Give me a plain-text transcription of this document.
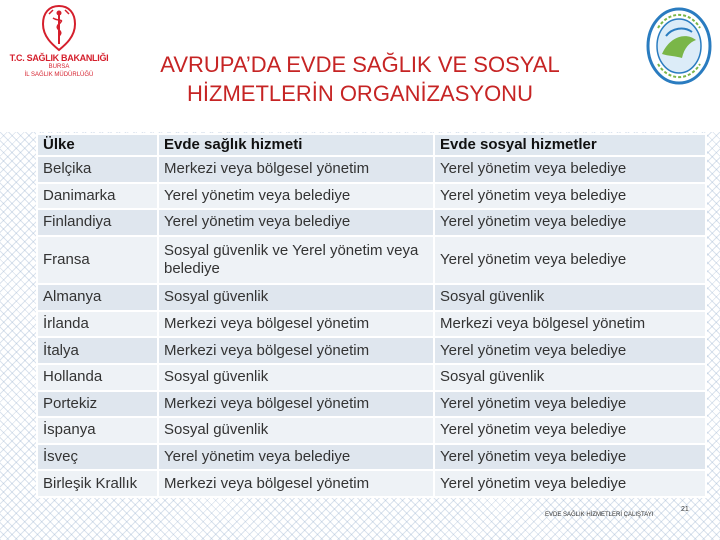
T.C. SAĞLIK BAKANLIĞI
BURSA
İL SAĞLIK MÜDÜRLÜĞÜ	AVRUPA’DA EVDE SAĞLIK VE SOSYAL
HİZMETLERİN ORGANİZASYONU
Ülke	Evde sağlık hizmeti	Evde sosyal hizmetler
Belçika	Merkezi veya bölgesel yönetim	Yerel yönetim veya belediye
Danimarka	Yerel yönetim veya belediye	Yerel yönetim veya belediye
Finlandiya	Yerel yönetim veya belediye	Yerel yönetim veya belediye
Fransa	Sosyal güvenlik ve Yerel yönetim veya belediye	Yerel yönetim veya belediye
Almanya	Sosyal güvenlik	Sosyal güvenlik
İrlanda	Merkezi veya bölgesel yönetim	Merkezi veya bölgesel yönetim
İtalya	Merkezi veya bölgesel yönetim	Yerel yönetim veya belediye
Hollanda	Sosyal güvenlik	Sosyal güvenlik
Portekiz	Merkezi veya bölgesel yönetim	Yerel yönetim veya belediye
İspanya	Sosyal güvenlik	Yerel yönetim veya belediye
İsveç	Yerel yönetim veya belediye	Yerel yönetim veya belediye
Birleşik Krallık	Merkezi veya bölgesel yönetim	Yerel yönetim veya belediye
EVDE SAĞLIK HİZMETLERİ ÇALIŞTAYI
21
